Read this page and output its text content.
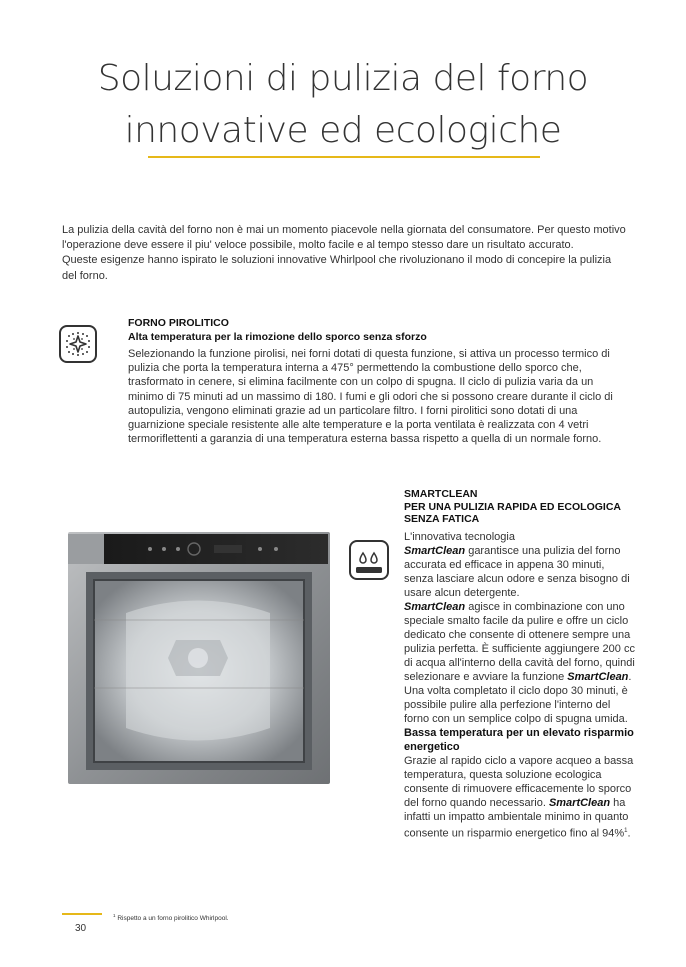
Soluzioni di pulizia del forno
innovative ed ecologiche

La pulizia della cavità del forno non è mai un momento piacevole nella giornata del consumatore. Per questo motivo l'operazione deve essere il piu' veloce possibile, molto facile e al tempo stesso dare un risultato accurato.

Queste esigenze hanno ispirato le soluzioni innovative Whirlpool che rivoluzionano il modo di concepire la pulizia del forno.

FORNO PIROLITICO
Alta temperatura per la rimozione dello sporco senza sforzo
Selezionando la funzione pirolisi, nei forni dotati di questa funzione, si attiva un processo termico di pulizia che porta la temperatura interna a 475° permettendo la combustione dello sporco che, trasformato in cenere, si elimina facilmente con un colpo di spugna. Il ciclo di pulizia varia da un minimo di 75 minuti ad un massimo di 180. I fumi e gli odori che si possono creare durante il ciclo di autopulizia, vengono eliminati grazie ad un particolare filtro. I forni pirolitici sono dotati di una guarnizione speciale resistente alle alte temperature e la porta ventilata è realizzata con 4 vetri termoriflettenti a garanzia di una temperatura esterna bassa rispetto a quella di un normale forno.
SMARTCLEAN
PER UNA PULIZIA RAPIDA ED ECOLOGICA
SENZA FATICA
L'innovativa tecnologia
SmartClean garantisce una pulizia del forno accurata ed efficace in appena 30 minuti, senza lasciare alcun odore e senza bisogno di usare alcun detergente.
SmartClean agisce in combinazione con uno speciale smalto facile da pulire e offre un ciclo dedicato che consente di ottenere sempre una pulizia perfetta. È sufficiente aggiungere 200 cc di acqua all'interno della cavità del forno, quindi selezionare e avviare la funzione SmartClean. Una volta completato il ciclo dopo 30 minuti, è possibile pulire alla perfezione l'interno del forno con un semplice colpo di spugna umida.
Bassa temperatura per un elevato risparmio energetico
Grazie al rapido ciclo a vapore acqueo a bassa temperatura, questa soluzione ecologica consente di rimuovere efficacemente lo sporco del forno quando necessario. SmartClean ha infatti un impatto ambientale minimo in quanto consente un risparmio energetico fino al 94%$^1$.
$^1$ Rispetto a un forno pirolitico Whirlpool.
30
